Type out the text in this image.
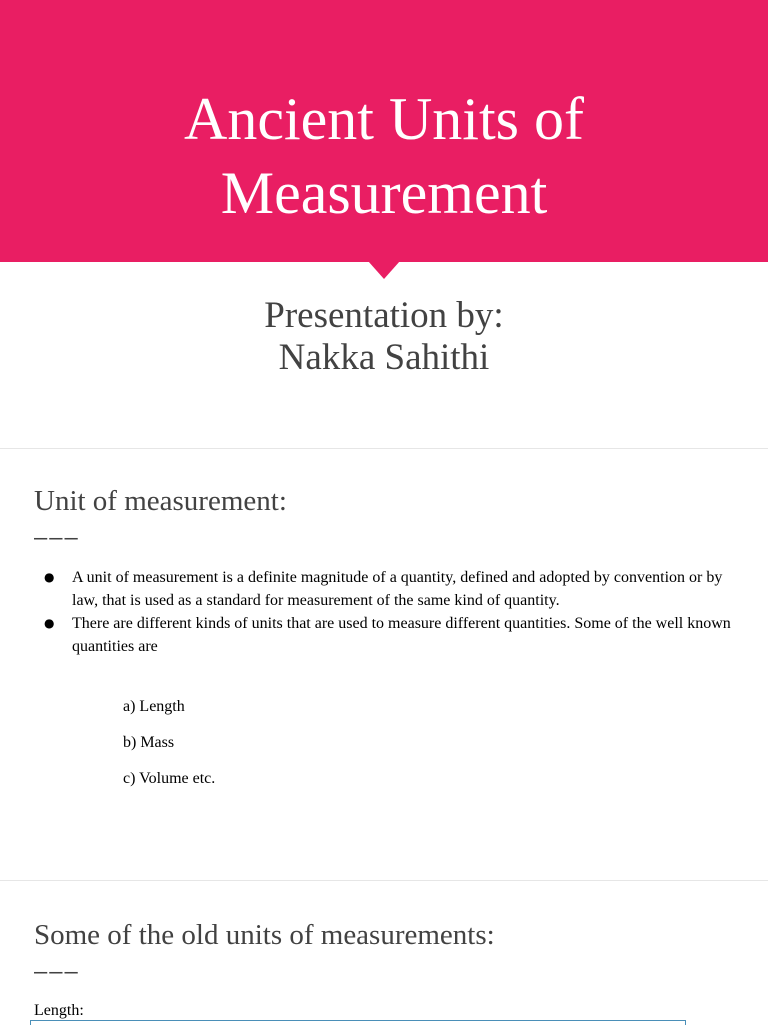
Ancient Units of
Measurement
Presentation by:
Nakka Sahithi
Unit of measurement:
–––
● A unit of measurement is a definite magnitude of a quantity, defined and adopted by convention or by law, that is used as a standard for measurement of the same kind of quantity.
● There are different kinds of units that are used to measure different quantities. Some of the well known quantities are
a) Length
b) Mass
c) Volume etc.
Some of the old units of measurements:
–––
Length:
